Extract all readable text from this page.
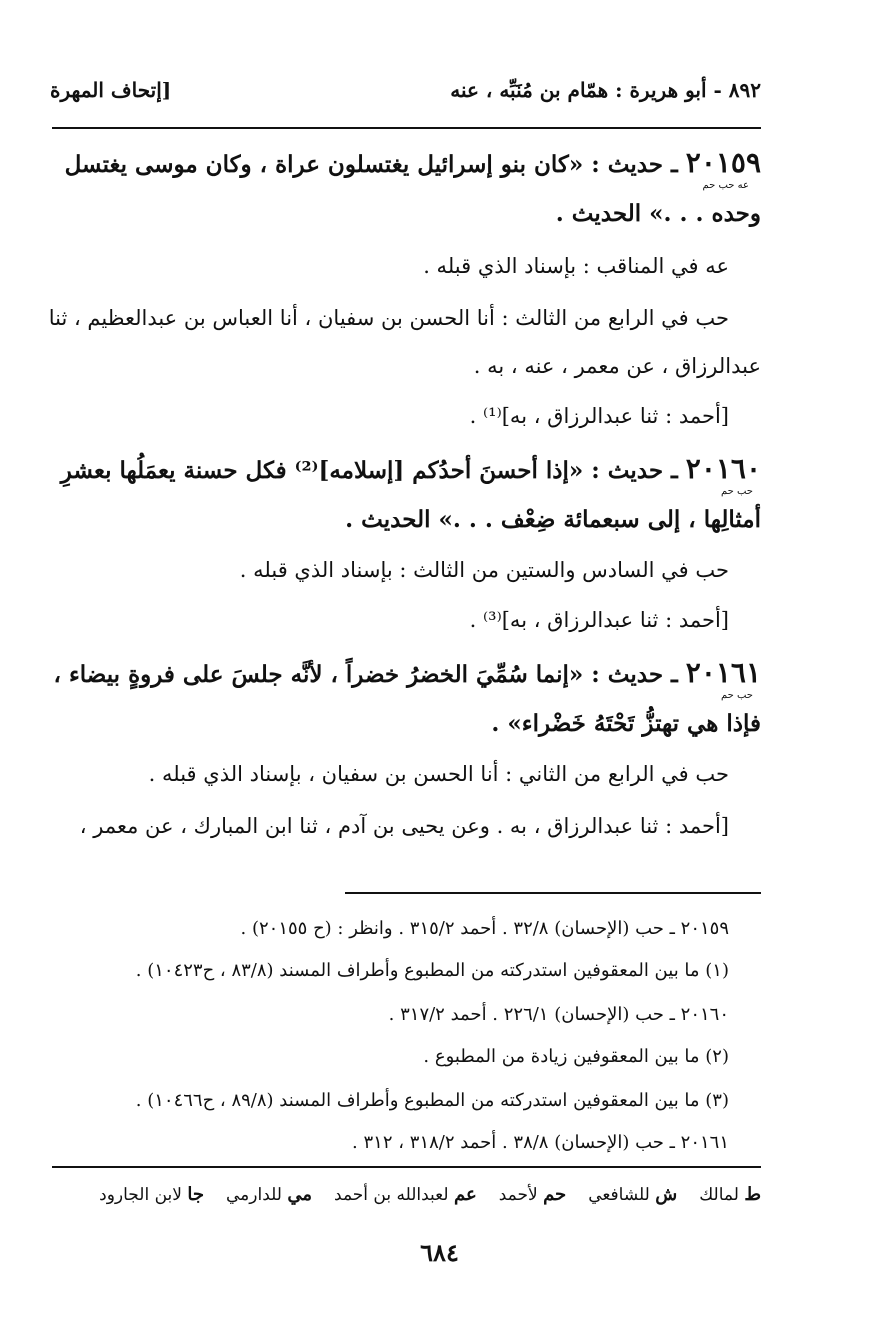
٨٩٢ - أبو هريرة : همّام بن مُنَبِّه ، عنه
[إتحاف المهرة
٢٠١٥٩ ـ حديث : «كان بنو إسرائيل يغتسلون عراة ، وكان موسى يغتسل
عه حب حم
وحده . . .» الحديث .
عه في المناقب : بإسناد الذي قبله .
حب في الرابع من الثالث : أنا الحسن بن سفيان ، أنا العباس بن عبدالعظيم ، ثنا
عبدالرزاق ، عن معمر ، عنه ، به .
[أحمد : ثنا عبدالرزاق ، به]⁽¹⁾ .
٢٠١٦٠ ـ حديث : «إذا أحسنَ أحدُكم [إسلامه]⁽²⁾ فكل حسنة يعمَلُها بعشرِ
حب حم
أمثالِها ، إلى سبعمائة ضِعْف . . .» الحديث .
حب في السادس والستين من الثالث : بإسناد الذي قبله .
[أحمد : ثنا عبدالرزاق ، به]⁽³⁾ .
٢٠١٦١ ـ حديث : «إنما سُمِّيَ الخضرُ خضراً ، لأنَّه جلسَ على فروةٍ بيضاء ،
حب حم
فإذا هي تهتزُّ تَحْتَهُ خَضْراء» .
حب في الرابع من الثاني : أنا الحسن بن سفيان ، بإسناد الذي قبله .
[أحمد : ثنا عبدالرزاق ، به . وعن يحيى بن آدم ، ثنا ابن المبارك ، عن معمر ،
٢٠١٥٩ ـ حب (الإحسان) ٣٢/٨ . أحمد ٣١٥/٢ . وانظر : (ح ٢٠١٥٥) .
(١) ما بين المعقوفين استدركته من المطبوع وأطراف المسند (٨٣/٨ ، ح١٠٤٢٣) .
٢٠١٦٠ ـ حب (الإحسان) ٢٢٦/١ . أحمد ٣١٧/٢ .
(٢) ما بين المعقوفين زيادة من المطبوع .
(٣) ما بين المعقوفين استدركته من المطبوع وأطراف المسند (٨٩/٨ ، ح١٠٤٦٦) .
٢٠١٦١ ـ حب (الإحسان) ٣٨/٨ . أحمد ٣١٨/٢ ، ٣١٢ .
ط لمالك
ش للشافعي
حم لأحمد
عم لعبدالله بن أحمد
مي للدارمي
جا لابن الجارود
٦٨٤
